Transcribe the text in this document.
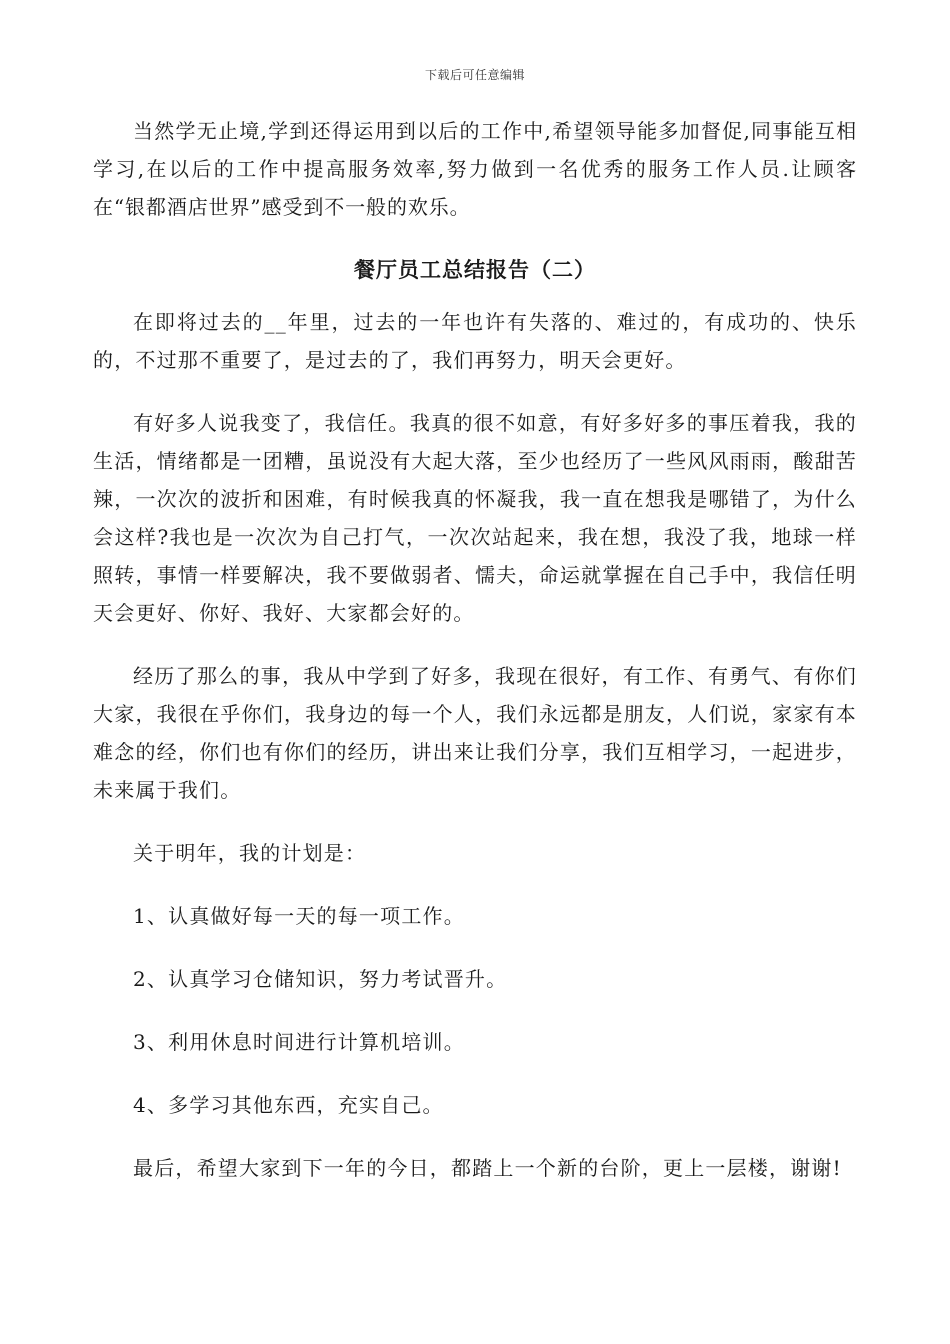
下载后可任意编辑

当然学无止境,学到还得运用到以后的工作中,希望领导能多加督促,同事能互相学习,在以后的工作中提高服务效率,努力做到一名优秀的服务工作人员.让顾客在“银都酒店世界”感受到不一般的欢乐。

餐厅员工总结报告（二）

在即将过去的__年里，过去的一年也许有失落的、难过的，有成功的、快乐的，不过那不重要了，是过去的了，我们再努力，明天会更好。

有好多人说我变了，我信任。我真的很不如意，有好多好多的事压着我，我的生活，情绪都是一团糟，虽说没有大起大落，至少也经历了一些风风雨雨，酸甜苦辣，一次次的波折和困难，有时候我真的怀凝我，我一直在想我是哪错了，为什么会这样?我也是一次次为自己打气，一次次站起来，我在想，我没了我，地球一样照转，事情一样要解决，我不要做弱者、懦夫，命运就掌握在自己手中，我信任明天会更好、你好、我好、大家都会好的。

经历了那么的事，我从中学到了好多，我现在很好，有工作、有勇气、有你们大家，我很在乎你们，我身边的每一个人，我们永远都是朋友，人们说，家家有本难念的经，你们也有你们的经历，讲出来让我们分享，我们互相学习，一起进步，未来属于我们。

关于明年，我的计划是：

1、认真做好每一天的每一项工作。

2、认真学习仓储知识，努力考试晋升。

3、利用休息时间进行计算机培训。

4、多学习其他东西，充实自己。

最后，希望大家到下一年的今日，都踏上一个新的台阶，更上一层楼，谢谢!
